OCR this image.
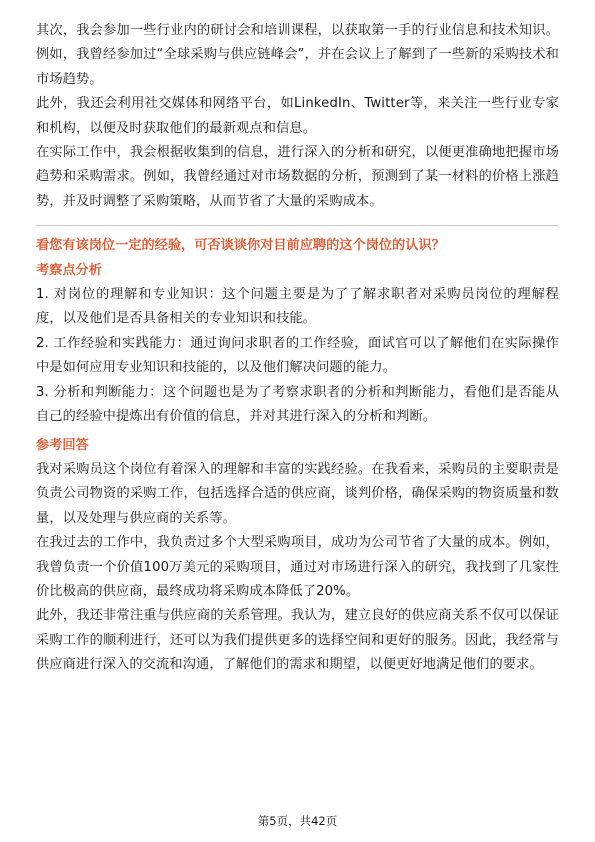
其次，我会参加一些行业内的研讨会和培训课程，以获取第一手的行业信息和技术知识。例如，我曾经参加过“全球采购与供应链峰会”，并在会议上了解到了一些新的采购技术和市场趋势。

此外，我还会利用社交媒体和网络平台，如LinkedIn、Twitter等，来关注一些行业专家和机构，以便及时获取他们的最新观点和信息。

在实际工作中，我会根据收集到的信息，进行深入的分析和研究，以便更准确地把握市场趋势和采购需求。例如，我曾经通过对市场数据的分析，预测到了某一材料的价格上涨趋势，并及时调整了采购策略，从而节省了大量的采购成本。

看您有该岗位一定的经验，可否谈谈你对目前应聘的这个岗位的认识？
考察点分析

1. 对岗位的理解和专业知识：这个问题主要是为了了解求职者对采购员岗位的理解程度，以及他们是否具备相关的专业知识和技能。

2. 工作经验和实践能力：通过询问求职者的工作经验，面试官可以了解他们在实际操作中是如何应用专业知识和技能的，以及他们解决问题的能力。

3. 分析和判断能力：这个问题也是为了考察求职者的分析和判断能力，看他们是否能从自己的经验中提炼出有价值的信息，并对其进行深入的分析和判断。

参考回答

我对采购员这个岗位有着深入的理解和丰富的实践经验。在我看来，采购员的主要职责是负责公司物资的采购工作，包括选择合适的供应商，谈判价格，确保采购的物资质量和数量，以及处理与供应商的关系等。

在我过去的工作中，我负责过多个大型采购项目，成功为公司节省了大量的成本。例如，我曾负责一个价值100万美元的采购项目，通过对市场进行深入的研究，我找到了几家性价比极高的供应商，最终成功将采购成本降低了20%。

此外，我还非常注重与供应商的关系管理。我认为，建立良好的供应商关系不仅可以保证采购工作的顺利进行，还可以为我们提供更多的选择空间和更好的服务。因此，我经常与供应商进行深入的交流和沟通，了解他们的需求和期望，以便更好地满足他们的要求。

第5页，共42页
